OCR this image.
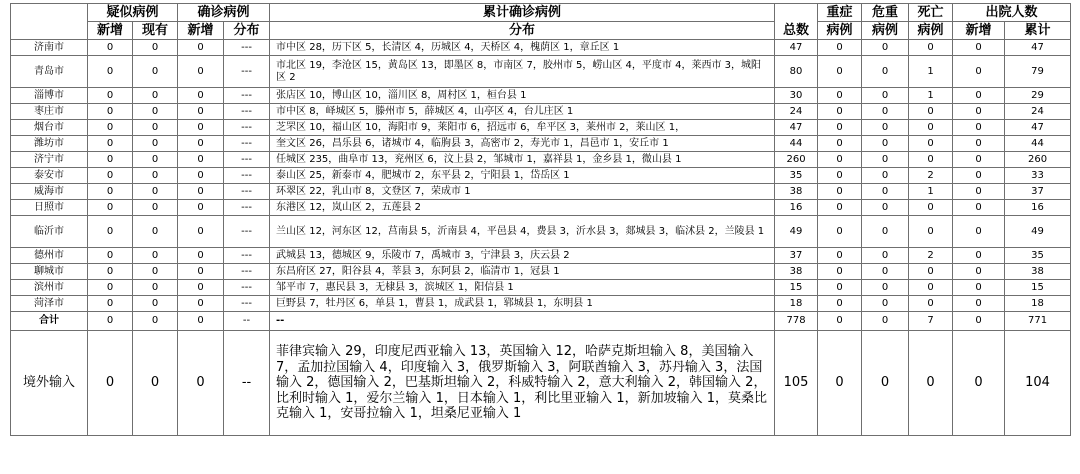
	疑似病例		确诊病例		累计确诊病例	总数	重症	危重	死亡	出院人数	
	新增	现有	新增	分布	分布		病例	病例	病例	新增	累计
济南市	0	0	0	---	市中区 28，历下区 5，长清区 4，历城区 4，天桥区 4，槐荫区 1，章丘区 1	47	0	0	0	0	47
青岛市	0	0	0	---	市北区 19，李沧区 15，黄岛区 13，即墨区 8，市南区 7，胶州市 5，崂山区 4，平度市 4，莱西市 3，城阳区 2	80	0	0	1	0	79
淄博市	0	0	0	---	张店区 10，博山区 10，淄川区 8，周村区 1，桓台县 1	30	0	0	1	0	29
枣庄市	0	0	0	---	市中区 8，峄城区 5，滕州市 5，薛城区 4，山亭区 4，台儿庄区 1	24	0	0	0	0	24
烟台市	0	0	0	---	芝罘区 10，福山区 10，海阳市 9，莱阳市 6，招远市 6，牟平区 3，莱州市 2，莱山区 1，	47	0	0	0	0	47
潍坊市	0	0	0	---	奎文区 26，昌乐县 6，诸城市 4，临朐县 3，高密市 2，寿光市 1，昌邑市 1，安丘市 1	44	0	0	0	0	44
济宁市	0	0	0	---	任城区 235，曲阜市 13，兖州区 6，汶上县 2，邹城市 1，嘉祥县 1，金乡县 1，微山县 1	260	0	0	0	0	260
泰安市	0	0	0	---	泰山区 25，新泰市 4，肥城市 2，东平县 2，宁阳县 1，岱岳区 1	35	0	0	2	0	33
威海市	0	0	0	---	环翠区 22，乳山市 8，文登区 7，荣成市 1	38	0	0	1	0	37
日照市	0	0	0	---	东港区 12，岚山区 2，五莲县 2	16	0	0	0	0	16
临沂市	0	0	0	---	兰山区 12，河东区 12，莒南县 5，沂南县 4，平邑县 4，费县 3，沂水县 3，郯城县 3，临沭县 2，兰陵县 1	49	0	0	0	0	49
德州市	0	0	0	---	武城县 13，德城区 9，乐陵市 7，禹城市 3，宁津县 3，庆云县 2	37	0	0	2	0	35
聊城市	0	0	0	---	东昌府区 27，阳谷县 4，莘县 3，东阿县 2，临清市 1，冠县 1	38	0	0	0	0	38
滨州市	0	0	0	---	邹平市 7，惠民县 3，无棣县 3，滨城区 1，阳信县 1	15	0	0	0	0	15
菏泽市	0	0	0	---	巨野县 7，牡丹区 6，单县 1，曹县 1，成武县 1，郓城县 1，东明县 1	18	0	0	0	0	18
合计	0	0	0	--	--	778	0	0	7	0	771
境外输入	0	0	0	--	菲律宾输入 29，印度尼西亚输入 13，英国输入 12，哈萨克斯坦输入 8，美国输入 7，孟加拉国输入 4，印度输入 3，俄罗斯输入 3，阿联酋输入 3，苏丹输入 3，法国输入 2，德国输入 2，巴基斯坦输入 2，科威特输入 2，意大利输入 2，韩国输入 2，比利时输入 1，爱尔兰输入 1，日本输入 1，利比里亚输入 1，新加坡输入 1，莫桑比克输入 1，安哥拉输入 1，坦桑尼亚输入 1	105	0	0	0	0	104
